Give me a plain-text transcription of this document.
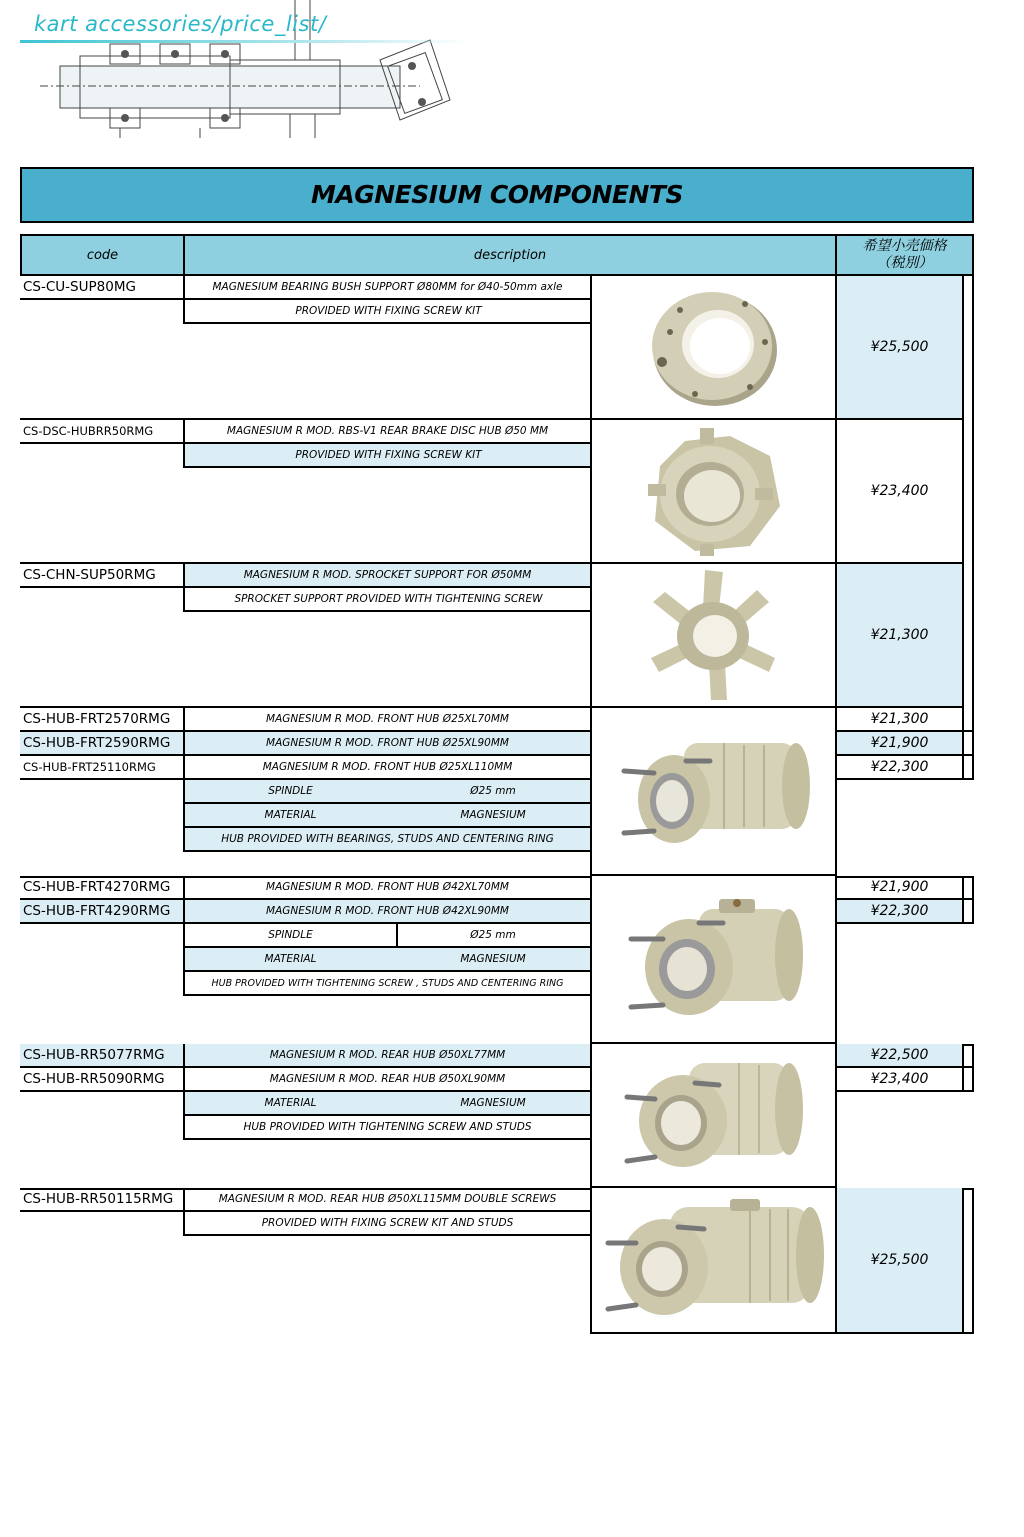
kart accessories/price_list/
MAGNESIUM COMPONENTS
code	description
希望小売価格
（税別）
CS-CU-SUP80MG	MAGNESIUM BEARING BUSH SUPPORT Ø80MM for Ø40-50mm axle
PROVIDED WITH FIXING SCREW KIT
¥25,500
CS-DSC-HUBRR50RMG	MAGNESIUM R MOD. RBS-V1 REAR BRAKE DISC HUB Ø50 MM
PROVIDED WITH FIXING SCREW KIT
¥23,400
CS-CHN-SUP50RMG	MAGNESIUM R MOD. SPROCKET SUPPORT FOR Ø50MM
SPROCKET SUPPORT PROVIDED WITH TIGHTENING SCREW
¥21,300
CS-HUB-FRT2570RMG	MAGNESIUM R MOD. FRONT HUB Ø25XL70MM	¥21,300
CS-HUB-FRT2590RMG	MAGNESIUM R MOD. FRONT HUB Ø25XL90MM	¥21,900
CS-HUB-FRT25110RMG	MAGNESIUM R MOD. FRONT HUB Ø25XL110MM	¥22,300
SPINDLE	Ø25 mm
MATERIAL	MAGNESIUM
HUB PROVIDED WITH BEARINGS, STUDS AND CENTERING RING
CS-HUB-FRT4270RMG	MAGNESIUM R MOD. FRONT HUB Ø42XL70MM	¥21,900
CS-HUB-FRT4290RMG	MAGNESIUM R MOD. FRONT HUB Ø42XL90MM	¥22,300
SPINDLE	Ø25 mm
MATERIAL	MAGNESIUM
HUB PROVIDED WITH TIGHTENING SCREW , STUDS AND CENTERING RING
CS-HUB-RR5077RMG	MAGNESIUM R MOD. REAR HUB Ø50XL77MM	¥22,500
CS-HUB-RR5090RMG	MAGNESIUM R MOD. REAR HUB Ø50XL90MM	¥23,400
MATERIAL	MAGNESIUM
HUB PROVIDED WITH TIGHTENING SCREW AND STUDS
CS-HUB-RR50115RMG	MAGNESIUM R MOD. REAR HUB Ø50XL115MM DOUBLE SCREWS
PROVIDED WITH FIXING SCREW KIT AND STUDS
¥25,500
